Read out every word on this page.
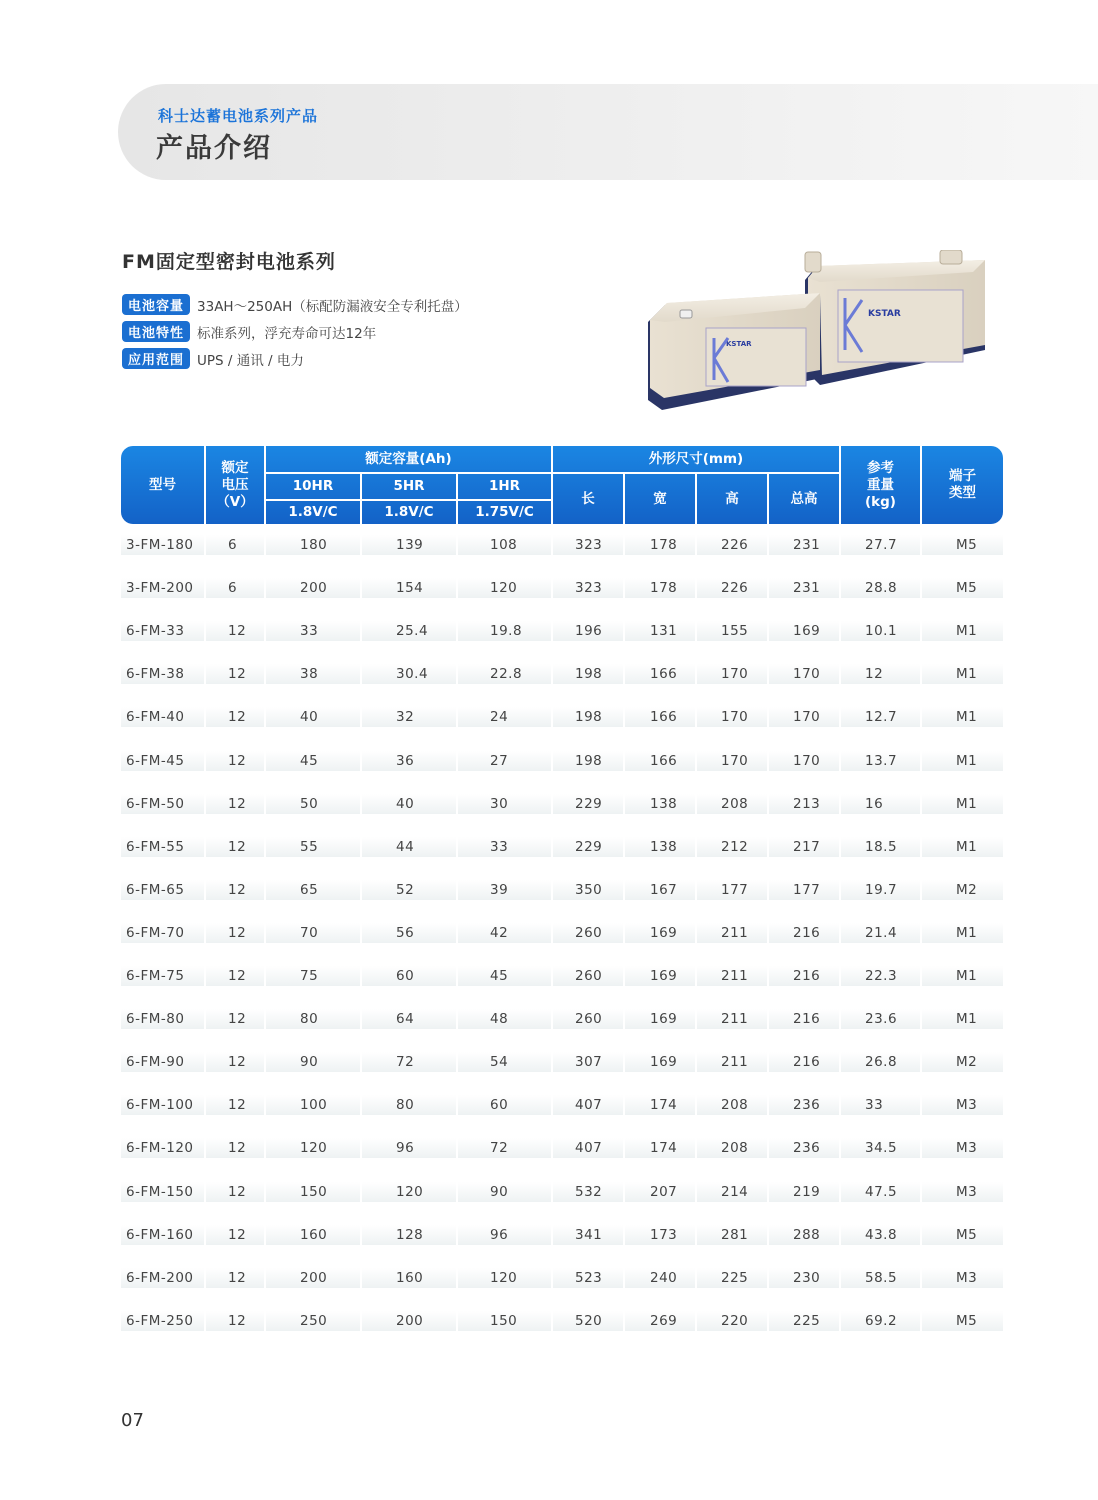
科士达蓄电池系列产品
产品介绍
FM固定型密封电池系列
电池容量 33AH～250AH（标配防漏液安全专利托盘）
电池特性 标准系列，浮充寿命可达12年
应用范围 UPS / 通讯 / 电力
KSTAR
KSTAR
型号
额定
电压
（V）
额定容量(Ah)
10HR	5HR	1HR
1.8V/C	1.8V/C	1.75V/C
外形尺寸(mm)
长	宽	高	总高
参考
重量
(kg)
端子
类型
3-FM-180	6	180	139	108	323	178	226	231	27.7	M5
3-FM-200	6	200	154	120	323	178	226	231	28.8	M5
6-FM-33	12	33	25.4	19.8	196	131	155	169	10.1	M1
6-FM-38	12	38	30.4	22.8	198	166	170	170	12	M1
6-FM-40	12	40	32	24	198	166	170	170	12.7	M1
6-FM-45	12	45	36	27	198	166	170	170	13.7	M1
6-FM-50	12	50	40	30	229	138	208	213	16	M1
6-FM-55	12	55	44	33	229	138	212	217	18.5	M1
6-FM-65	12	65	52	39	350	167	177	177	19.7	M2
6-FM-70	12	70	56	42	260	169	211	216	21.4	M1
6-FM-75	12	75	60	45	260	169	211	216	22.3	M1
6-FM-80	12	80	64	48	260	169	211	216	23.6	M1
6-FM-90	12	90	72	54	307	169	211	216	26.8	M2
6-FM-100	12	100	80	60	407	174	208	236	33	M3
6-FM-120	12	120	96	72	407	174	208	236	34.5	M3
6-FM-150	12	150	120	90	532	207	214	219	47.5	M3
6-FM-160	12	160	128	96	341	173	281	288	43.8	M5
6-FM-200	12	200	160	120	523	240	225	230	58.5	M3
6-FM-250	12	250	200	150	520	269	220	225	69.2	M5
07
